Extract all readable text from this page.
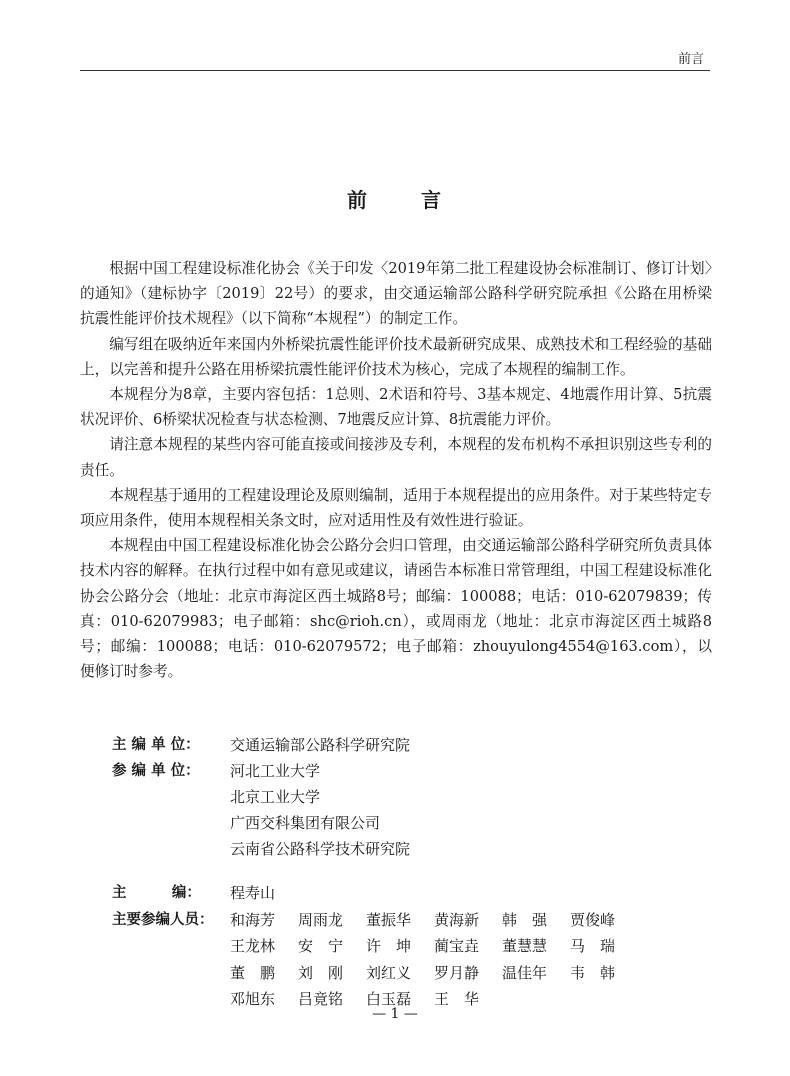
前言
前	言

根据中国工程建设标准化协会《关于印发〈2019年第二批工程建设协会标准制订、修订计划〉的通知》（建标协字〔2019〕22号）的要求，由交通运输部公路科学研究院承担《公路在用桥梁抗震性能评价技术规程》（以下简称“本规程”）的制定工作。

编写组在吸纳近年来国内外桥梁抗震性能评价技术最新研究成果、成熟技术和工程经验的基础上，以完善和提升公路在用桥梁抗震性能评价技术为核心，完成了本规程的编制工作。

本规程分为8章，主要内容包括：1总则、2术语和符号、3基本规定、4地震作用计算、5抗震状况评价、6桥梁状况检查与状态检测、7地震反应计算、8抗震能力评价。

请注意本规程的某些内容可能直接或间接涉及专利，本规程的发布机构不承担识别这些专利的责任。

本规程基于通用的工程建设理论及原则编制，适用于本规程提出的应用条件。对于某些特定专项应用条件，使用本规程相关条文时，应对适用性及有效性进行验证。

本规程由中国工程建设标准化协会公路分会归口管理，由交通运输部公路科学研究所负责具体技术内容的解释。在执行过程中如有意见或建议，请函告本标准日常管理组，中国工程建设标准化协会公路分会（地址：北京市海淀区西土城路8号；邮编：100088；电话：010-62079839；传真：010-62079983；电子邮箱：shc@rioh.cn），或周雨龙（地址：北京市海淀区西土城路8号；邮编：100088；电话：010-62079572；电子邮箱：zhouyulong4554@163.com），以便修订时参考。

主 编 单 位：	交通运输部公路科学研究院
参 编 单 位：	河北工业大学
北京工业大学
广西交科集团有限公司
云南省公路科学技术研究院
主         编：	程寿山
主要参编人员：	和海芳	周雨龙	董振华	黄海新	韩　强	贾俊峰
王龙林	安　宁	许　坤	蔺宝垚	董慧慧	马　瑞
董　鹏	刘　刚	刘红义	罗月静	温佳年	韦　韩
邓旭东	吕竟铭	白玉磊	王　华
— 1 —
